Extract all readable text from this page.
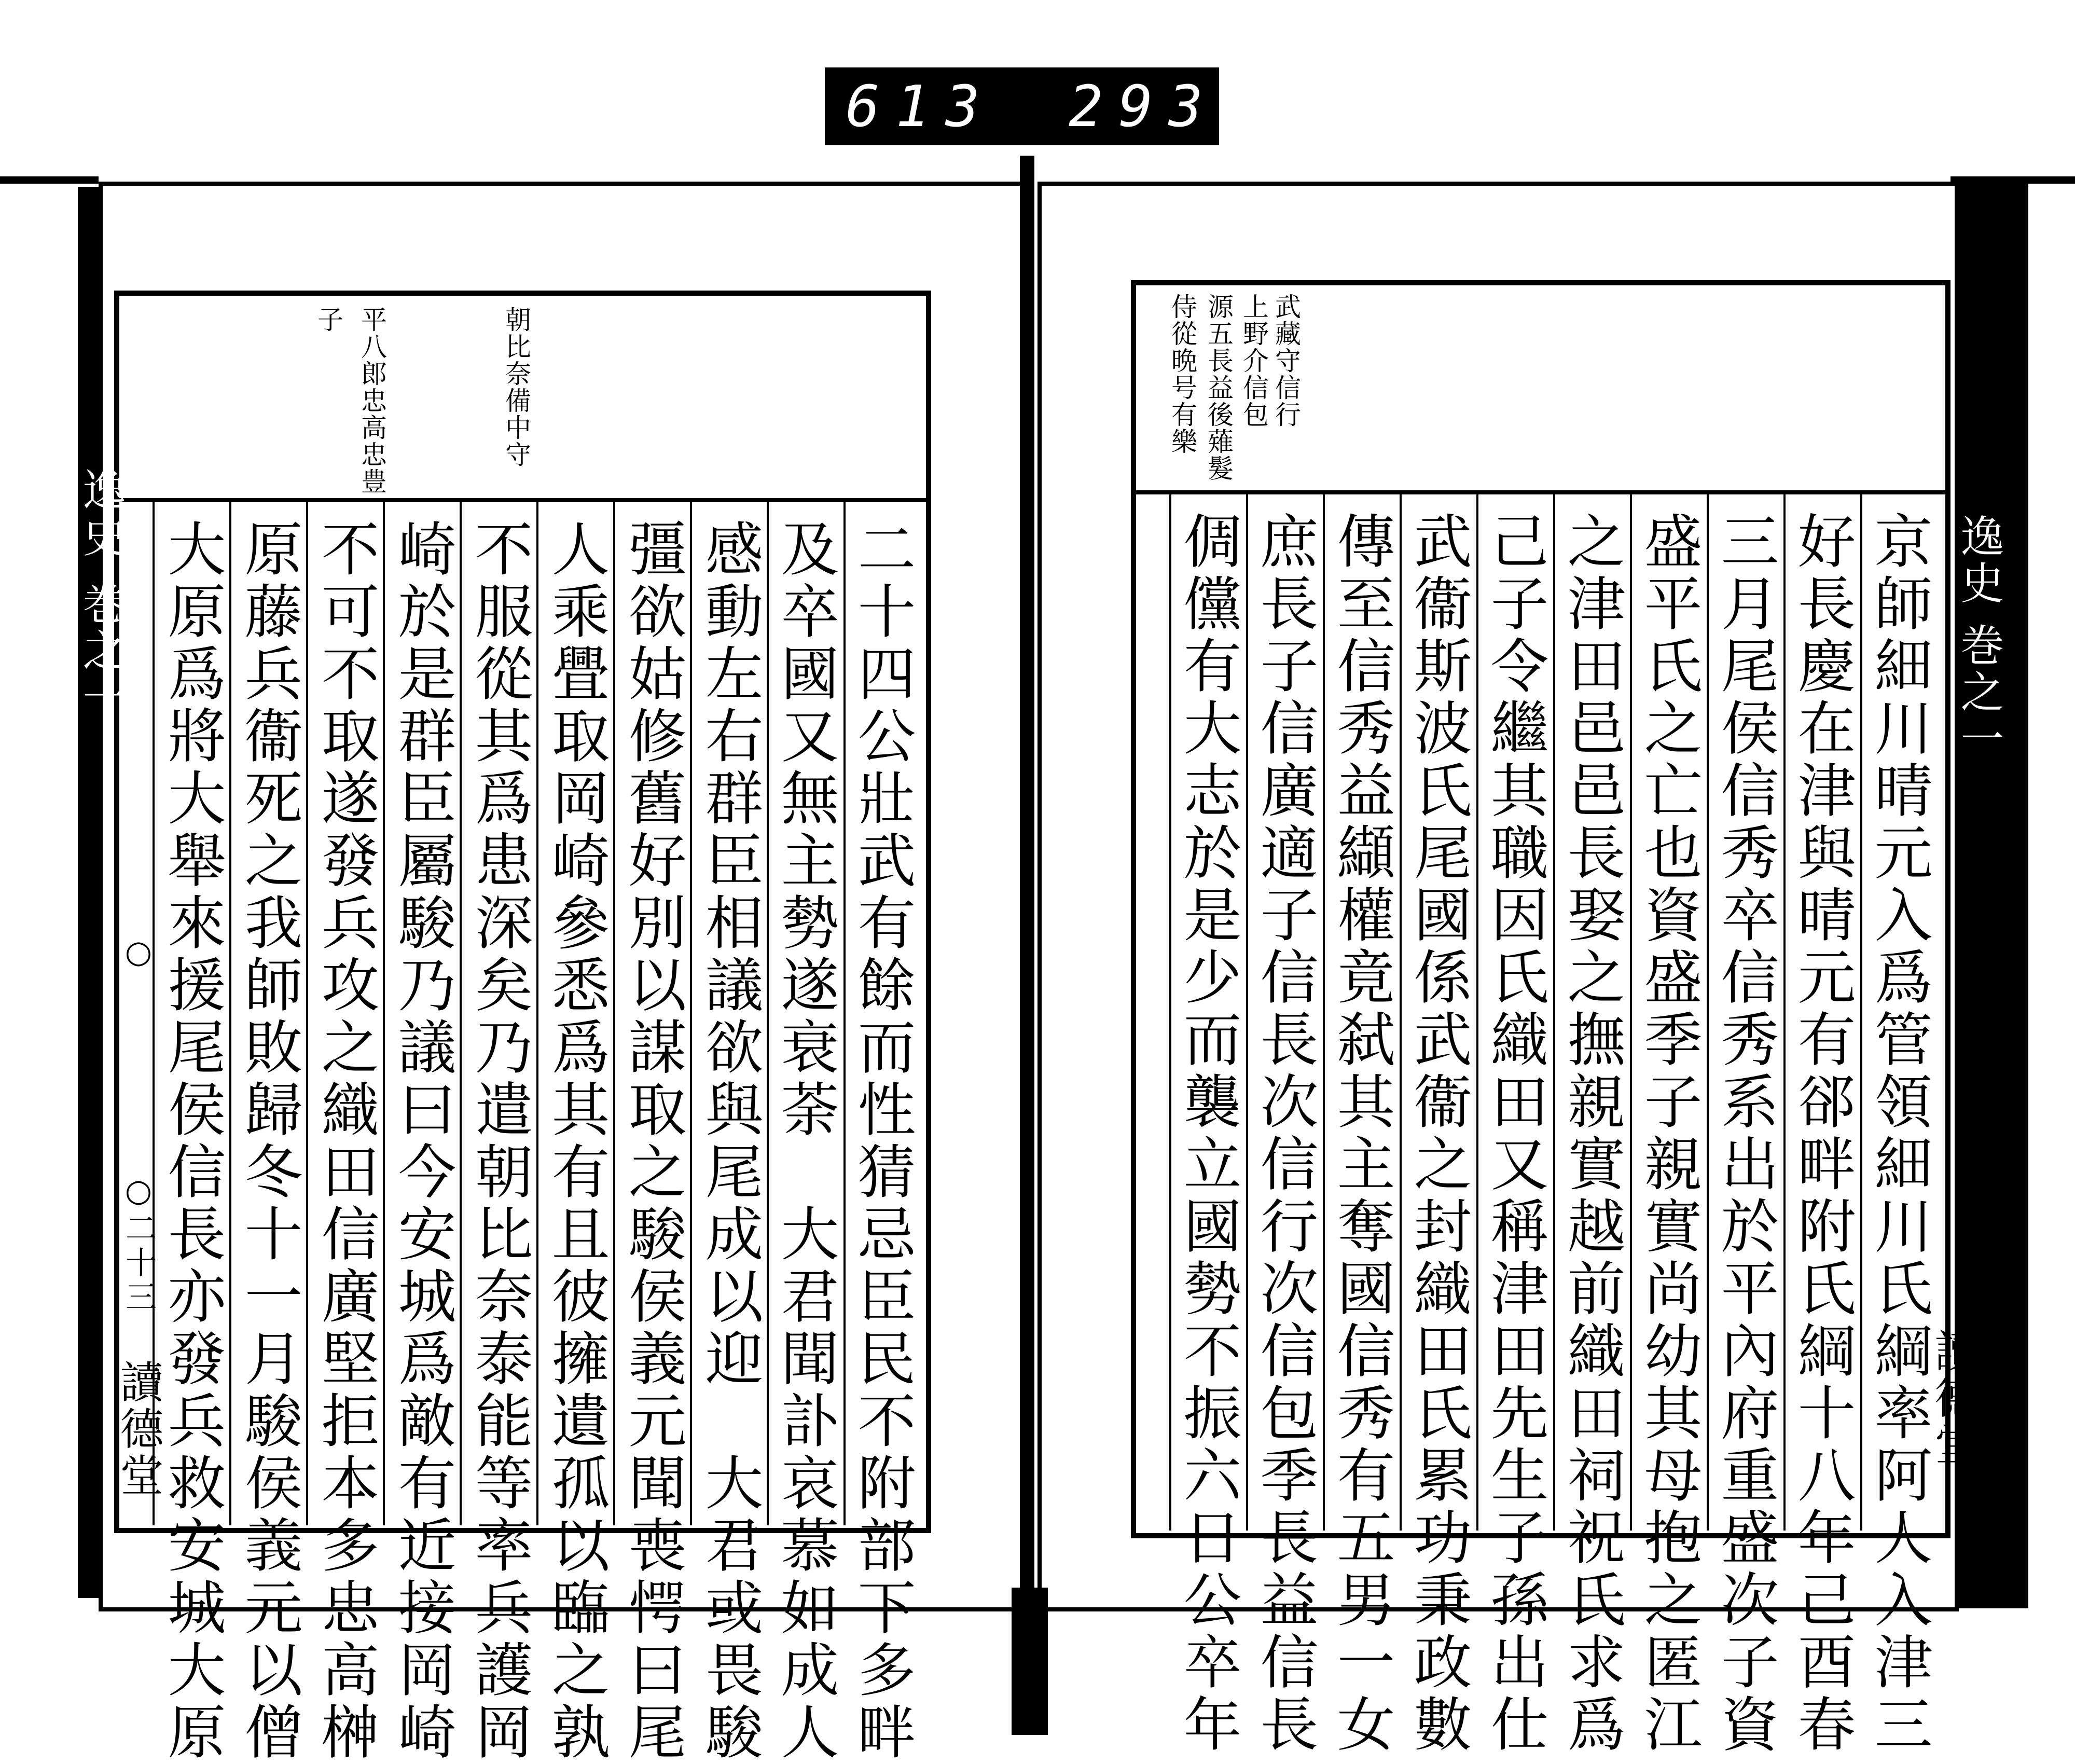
613 293
朝比奈備中守
平八郎忠高忠豊
子
二十四公壯武有餘而性猜忌臣民不附部下多畔
及卒國又無主勢遂衰荼　大君聞訃哀慕如成人
感動左右群臣相議欲與尾成以迎　大君或畏駿
彊欲姑修舊好別以謀取之駿侯義元聞喪愕曰尾
人乘舋取岡崎參悉爲其有且彼擁遺孤以臨之孰
不服從其爲患深矣乃遣朝比奈泰能等率兵護岡
崎於是群臣屬駿乃議曰今安城爲敵有近接岡崎
不可不取遂發兵攻之織田信廣堅拒本多忠高榊
原藤兵衞死之我師敗歸冬十一月駿侯義元以僧
大原爲將大舉來援尾侯信長亦發兵救安城大原
逸史
巻之一
○
○二十三
讀德堂
武藏守信行
上野介信包
源五長益後薙髮
侍從晩号有樂
京師細川晴元入爲管領細川氏綱率阿人入津三
好長慶在津與晴元有郤畔附氏綱十八年己酉春
三月尾侯信秀卒信秀系出於平內府重盛次子資
盛平氏之亡也資盛季子親實尚幼其母抱之匿江
之津田邑邑長娶之撫親實越前織田祠祝氏求爲
己子令繼其職因氏織田又稱津田先生子孫出仕
武衞斯波氏尾國係武衞之封織田氏累功秉政數
傳至信秀益纈權竟弑其主奪國信秀有五男一女
庶長子信廣適子信長次信行次信包季長益信長
倜儻有大志於是少而襲立國勢不振六日公卒年	逸史
巻之一
讀德堂
